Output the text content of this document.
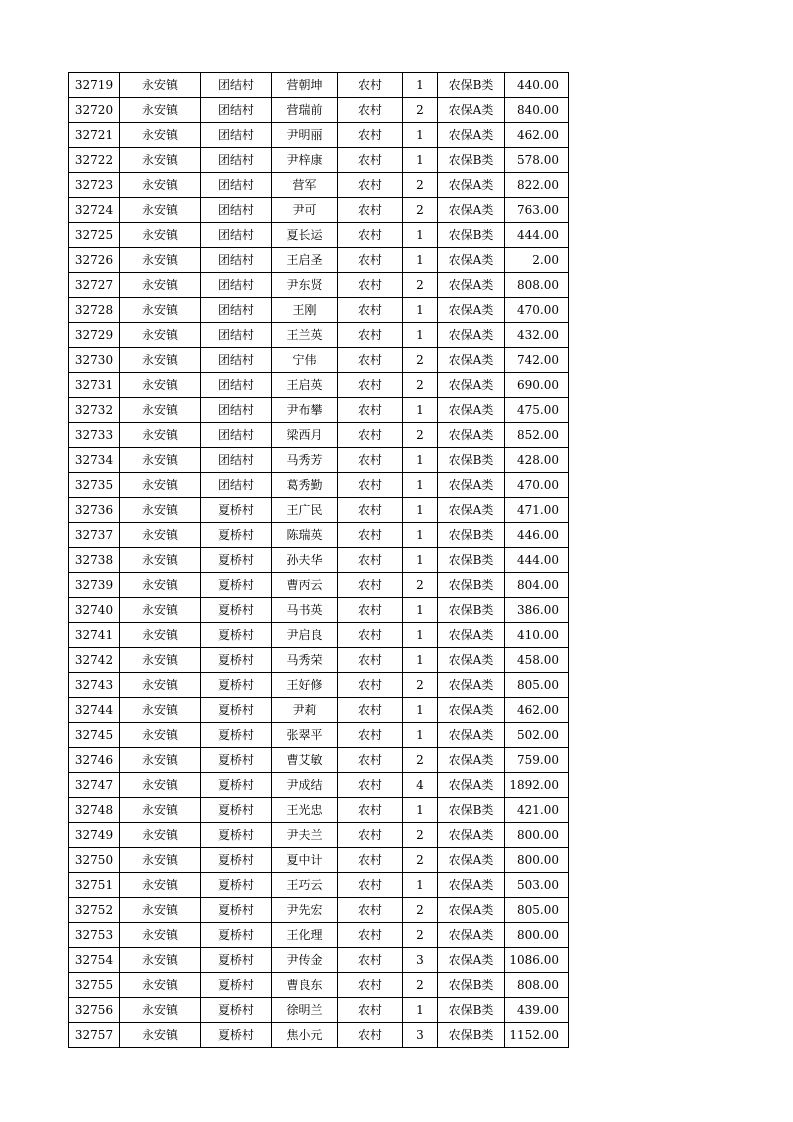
32719	永安镇	团结村	营朝坤	农村	1	农保B类	440.00
32720	永安镇	团结村	营瑞前	农村	2	农保A类	840.00
32721	永安镇	团结村	尹明丽	农村	1	农保A类	462.00
32722	永安镇	团结村	尹梓康	农村	1	农保B类	578.00
32723	永安镇	团结村	营军	农村	2	农保A类	822.00
32724	永安镇	团结村	尹可	农村	2	农保A类	763.00
32725	永安镇	团结村	夏长运	农村	1	农保B类	444.00
32726	永安镇	团结村	王启圣	农村	1	农保A类	2.00
32727	永安镇	团结村	尹东贤	农村	2	农保A类	808.00
32728	永安镇	团结村	王刚	农村	1	农保A类	470.00
32729	永安镇	团结村	王兰英	农村	1	农保A类	432.00
32730	永安镇	团结村	宁伟	农村	2	农保A类	742.00
32731	永安镇	团结村	王启英	农村	2	农保A类	690.00
32732	永安镇	团结村	尹布攀	农村	1	农保A类	475.00
32733	永安镇	团结村	梁西月	农村	2	农保A类	852.00
32734	永安镇	团结村	马秀芳	农村	1	农保B类	428.00
32735	永安镇	团结村	葛秀勤	农村	1	农保A类	470.00
32736	永安镇	夏桥村	王广民	农村	1	农保A类	471.00
32737	永安镇	夏桥村	陈瑞英	农村	1	农保B类	446.00
32738	永安镇	夏桥村	孙夫华	农村	1	农保B类	444.00
32739	永安镇	夏桥村	曹丙云	农村	2	农保B类	804.00
32740	永安镇	夏桥村	马书英	农村	1	农保B类	386.00
32741	永安镇	夏桥村	尹启良	农村	1	农保A类	410.00
32742	永安镇	夏桥村	马秀荣	农村	1	农保A类	458.00
32743	永安镇	夏桥村	王好修	农村	2	农保A类	805.00
32744	永安镇	夏桥村	尹莉	农村	1	农保A类	462.00
32745	永安镇	夏桥村	张翠平	农村	1	农保A类	502.00
32746	永安镇	夏桥村	曹艾敏	农村	2	农保A类	759.00
32747	永安镇	夏桥村	尹成结	农村	4	农保A类	1892.00
32748	永安镇	夏桥村	王光忠	农村	1	农保B类	421.00
32749	永安镇	夏桥村	尹夫兰	农村	2	农保A类	800.00
32750	永安镇	夏桥村	夏中计	农村	2	农保A类	800.00
32751	永安镇	夏桥村	王巧云	农村	1	农保A类	503.00
32752	永安镇	夏桥村	尹先宏	农村	2	农保A类	805.00
32753	永安镇	夏桥村	王化理	农村	2	农保A类	800.00
32754	永安镇	夏桥村	尹传金	农村	3	农保A类	1086.00
32755	永安镇	夏桥村	曹良东	农村	2	农保B类	808.00
32756	永安镇	夏桥村	徐明兰	农村	1	农保B类	439.00
32757	永安镇	夏桥村	焦小元	农村	3	农保B类	1152.00
